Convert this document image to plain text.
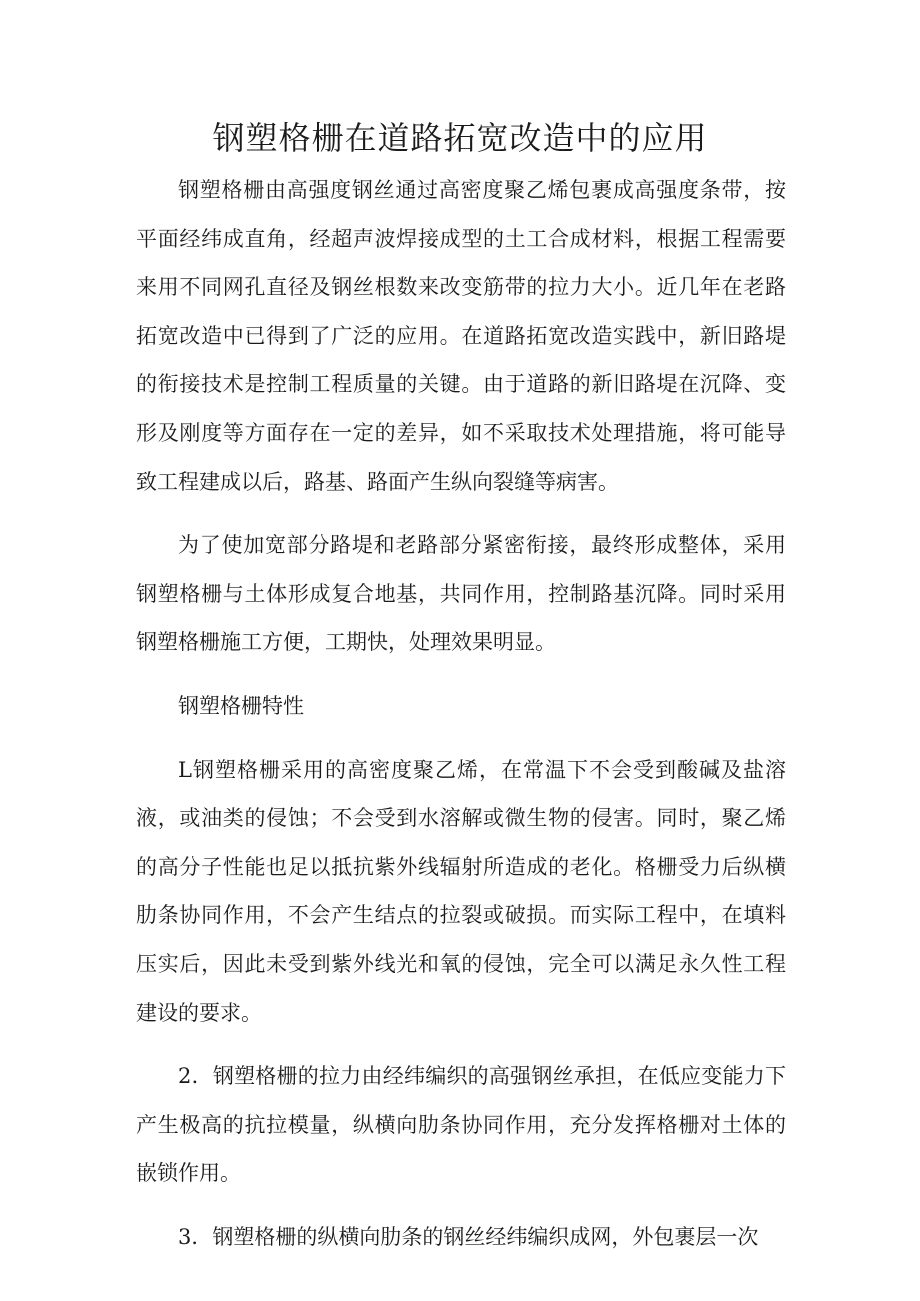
钢塑格栅在道路拓宽改造中的应用

钢塑格栅由高强度钢丝通过高密度聚乙烯包裹成高强度条带，按平面经纬成直角，经超声波焊接成型的土工合成材料，根据工程需要来用不同网孔直径及钢丝根数来改变筋带的拉力大小。近几年在老路拓宽改造中已得到了广泛的应用。在道路拓宽改造实践中，新旧路堤的衔接技术是控制工程质量的关键。由于道路的新旧路堤在沉降、变形及刚度等方面存在一定的差异，如不采取技术处理措施，将可能导致工程建成以后，路基、路面产生纵向裂缝等病害。

为了使加宽部分路堤和老路部分紧密衔接，最终形成整体，采用钢塑格栅与土体形成复合地基，共同作用，控制路基沉降。同时采用钢塑格栅施工方便，工期快，处理效果明显。

钢塑格栅特性

L钢塑格栅采用的高密度聚乙烯，在常温下不会受到酸碱及盐溶液，或油类的侵蚀；不会受到水溶解或微生物的侵害。同时，聚乙烯的高分子性能也足以抵抗紫外线辐射所造成的老化。格栅受力后纵横肋条协同作用，不会产生结点的拉裂或破损。而实际工程中，在填料压实后，因此未受到紫外线光和氧的侵蚀，完全可以满足永久性工程建设的要求。

2．钢塑格栅的拉力由经纬编织的高强钢丝承担，在低应变能力下产生极高的抗拉模量，纵横向肋条协同作用，充分发挥格栅对土体的嵌锁作用。

3．钢塑格栅的纵横向肋条的钢丝经纬编织成网，外包裹层一次
